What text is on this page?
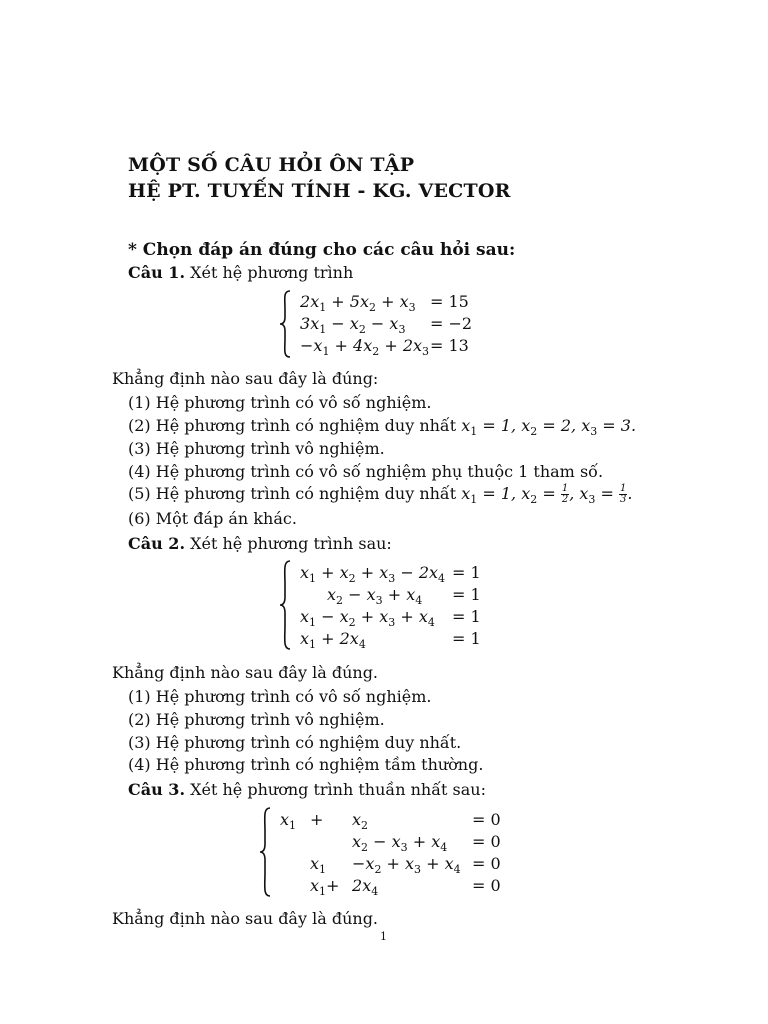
MỘT SỐ CÂU HỎI ÔN TẬP
HỆ PT. TUYẾN TÍNH - KG. VECTOR
* Chọn đáp án đúng cho các câu hỏi sau:
Câu 1. Xét hệ phương trình
$2x_1 + 5x_2 + x_3 = 15$
$3x_1 - x_2 - x_3 = -2$
$-x_1 + 4x_2 + 2x_3 = 13$
Khẳng định nào sau đây là đúng:
(1) Hệ phương trình có vô số nghiệm.
(2) Hệ phương trình có nghiệm duy nhất $x_1 = 1$, $x_2 = 2$, $x_3 = 3$.
(3) Hệ phương trình vô nghiệm.
(4) Hệ phương trình có vô số nghiệm phụ thuộc 1 tham số.
(5) Hệ phương trình có nghiệm duy nhất $x_1 = 1$, $x_2 = \frac{1}{2}$ , $x_3 = \frac{1}{3}$ .
(6) Một đáp án khác.
Câu 2. Xét hệ phương trình sau:
$x_1 + x_2 + x_3 - 2x_4 = 1$
$x_2 - x_3 + x_4 = 1$
$x_1 - x_2 + x_3 + x_4 = 1$
$x_1 + 2x_4$	= 1
Khẳng định nào sau đây là đúng.
(1) Hệ phương trình có vô số nghiệm.
(2) Hệ phương trình vô nghiệm.
(3) Hệ phương trình có nghiệm duy nhất.
(4) Hệ phương trình có nghiệm tầm thường.
Câu 3. Xét hệ phương trình thuần nhất sau:
$x_1 + x_2$	= 0
$x_2 - x_3 + x_4 = 0$
$x_1 -x_2 + x_3 + x_4 = 0$
$x_1+ 2x_4$	= 0
Khẳng định nào sau đây là đúng.
1
